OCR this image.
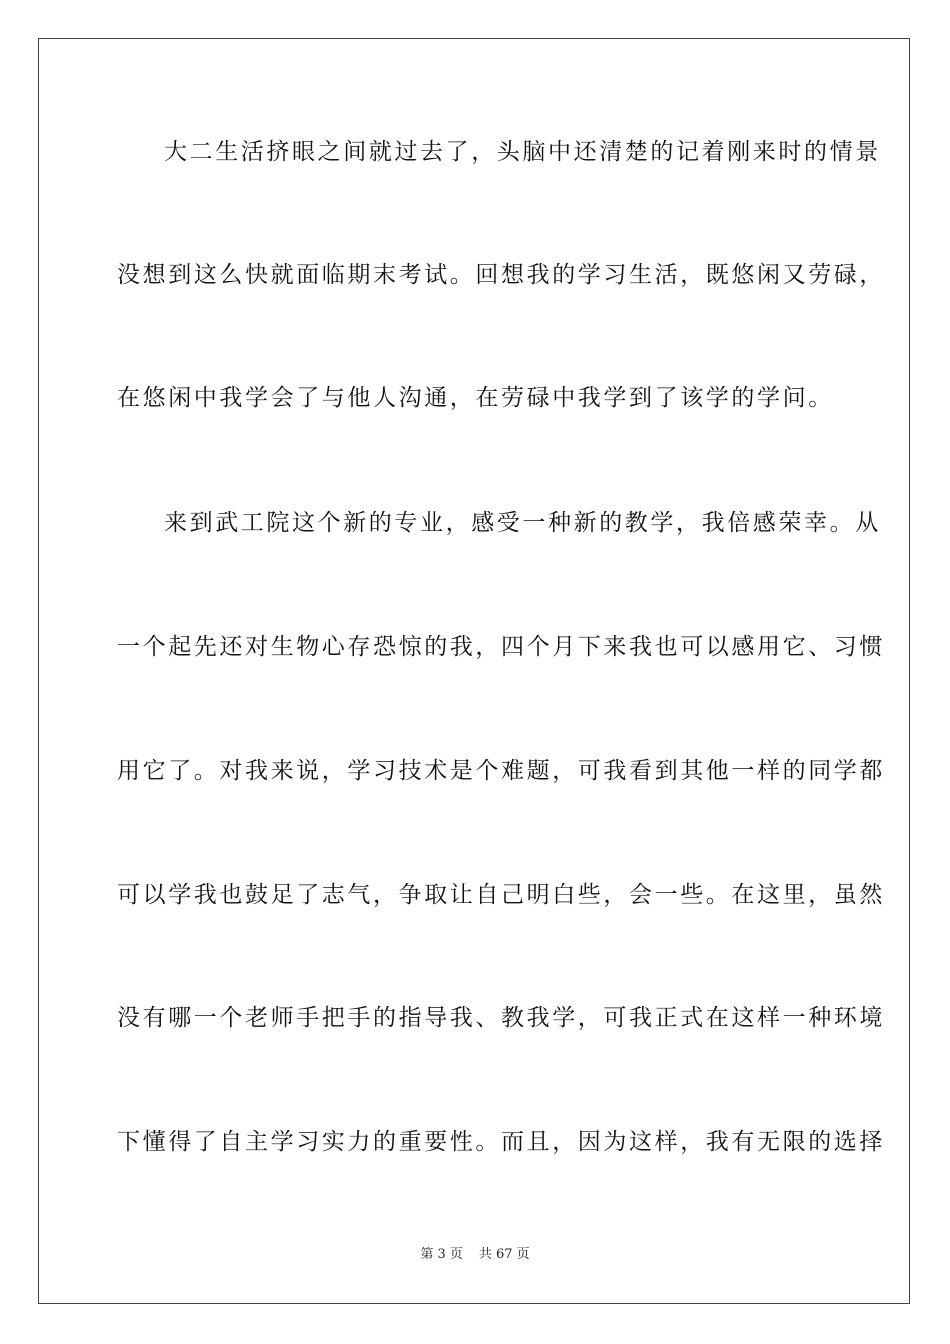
大二生活挤眼之间就过去了，头脑中还清楚的记着刚来时的情景
没想到这么快就面临期末考试。回想我的学习生活，既悠闲又劳碌，
在悠闲中我学会了与他人沟通，在劳碌中我学到了该学的学问。
来到武工院这个新的专业，感受一种新的教学，我倍感荣幸。从
一个起先还对生物心存恐惊的我，四个月下来我也可以感用它、习惯
用它了。对我来说，学习技术是个难题，可我看到其他一样的同学都
可以学我也鼓足了志气，争取让自己明白些，会一些。在这里，虽然
没有哪一个老师手把手的指导我、教我学，可我正式在这样一种环境
下懂得了自主学习实力的重要性。而且，因为这样，我有无限的选择
第 3 页 共 67 页
